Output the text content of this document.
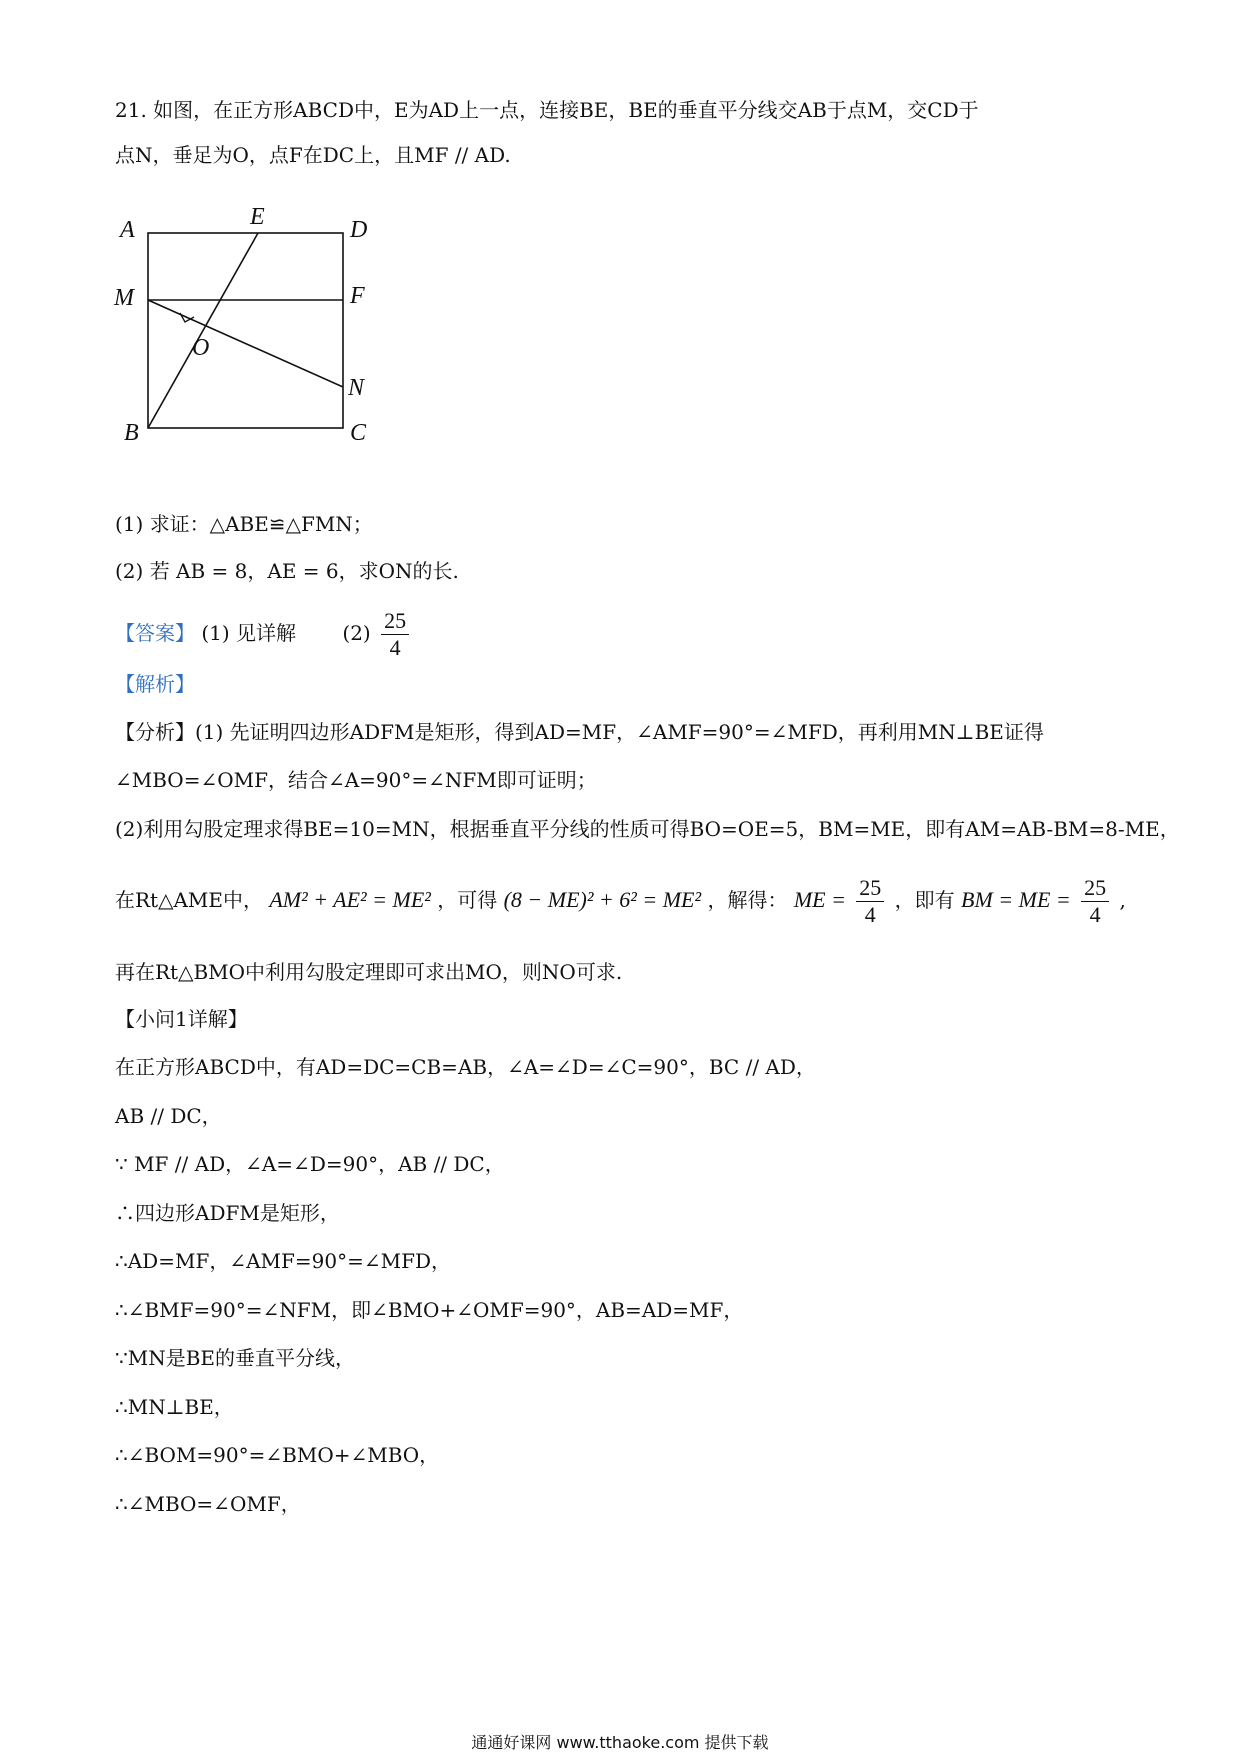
21. 如图，在正方形ABCD中，E为AD上一点，连接BE，BE的垂直平分线交AB于点M，交CD于
点N，垂足为O，点F在DC上，且MF // AD.
A	E	D
M	F
O
N
B	C
(1) 求证：△ABE≌△FMN；
(2) 若 AB = 8，AE = 6，求ON的长.
【答案】 (1) 见详解 $(2) \frac{25}{4}$
【解析】
【分析】(1) 先证明四边形ADFM是矩形，得到AD=MF，∠AMF=90°=∠MFD，再利用MN⊥BE证得
∠MBO=∠OMF，结合∠A=90°=∠NFM即可证明；
(2)利用勾股定理求得BE=10=MN，根据垂直平分线的性质可得BO=OE=5，BM=ME，即有AM=AB-BM=8-ME，
在Rt△AME中， AM² + AE² = ME² ，可得 (8 − ME)² + 6² = ME² ，解得： ME = $\frac{25}{4}$ ，即有 BM = ME = $\frac{25}{4}$ ,
再在Rt△BMO中利用勾股定理即可求出MO，则NO可求.
【小问1详解】
在正方形ABCD中，有AD=DC=CB=AB，∠A=∠D=∠C=90°，BC // AD，
AB // DC，
∵ MF // AD，∠A=∠D=90°，AB // DC，
∴四边形ADFM是矩形，
∴AD=MF，∠AMF=90°=∠MFD，
∴∠BMF=90°=∠NFM，即∠BMO+∠OMF=90°，AB=AD=MF，
∵MN是BE的垂直平分线，
∴MN⊥BE，
∴∠BOM=90°=∠BMO+∠MBO，
∴∠MBO=∠OMF，
通通好课网 www.tthaoke.com 提供下载
